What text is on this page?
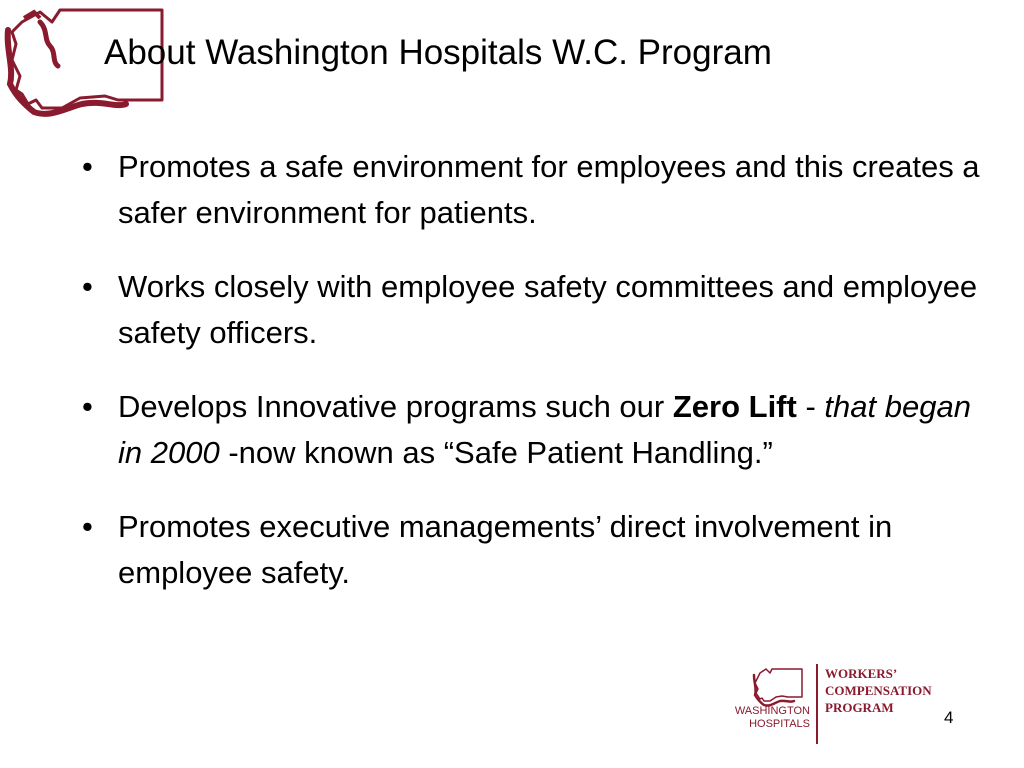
About Washington Hospitals W.C. Program
• Promotes a safe environment for employees and this creates a safer environment for patients.
• Works closely with employee safety committees and employee safety officers.
• Develops Innovative programs such our Zero Lift - that began in 2000 -now known as “Safe Patient Handling.”
• Promotes executive managements’ direct involvement in employee safety.
WASHINGTON
HOSPITALS
WORKERS’
COMPENSATION
PROGRAM
4
